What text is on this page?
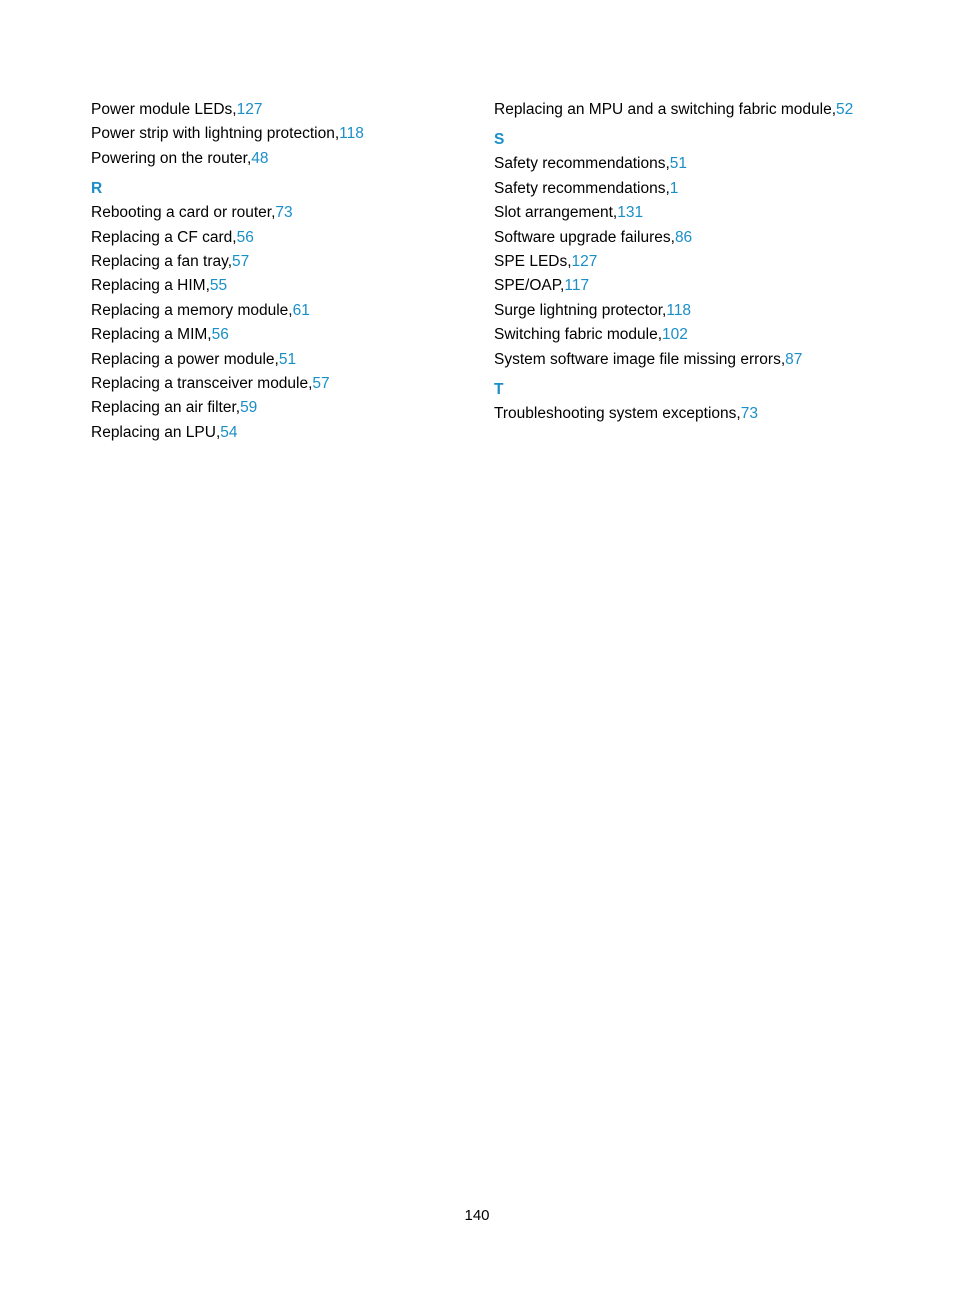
Power module LEDs,127
Power strip with lightning protection,118
Powering on the router,48
R
Rebooting a card or router,73
Replacing a CF card,56
Replacing a fan tray,57
Replacing a HIM,55
Replacing a memory module,61
Replacing a MIM,56
Replacing a power module,51
Replacing a transceiver module,57
Replacing an air filter,59
Replacing an LPU,54
Replacing an MPU and a switching fabric module,52
S
Safety recommendations,51
Safety recommendations,1
Slot arrangement,131
Software upgrade failures,86
SPE LEDs,127
SPE/OAP,117
Surge lightning protector,118
Switching fabric module,102
System software image file missing errors,87
T
Troubleshooting system exceptions,73
140
